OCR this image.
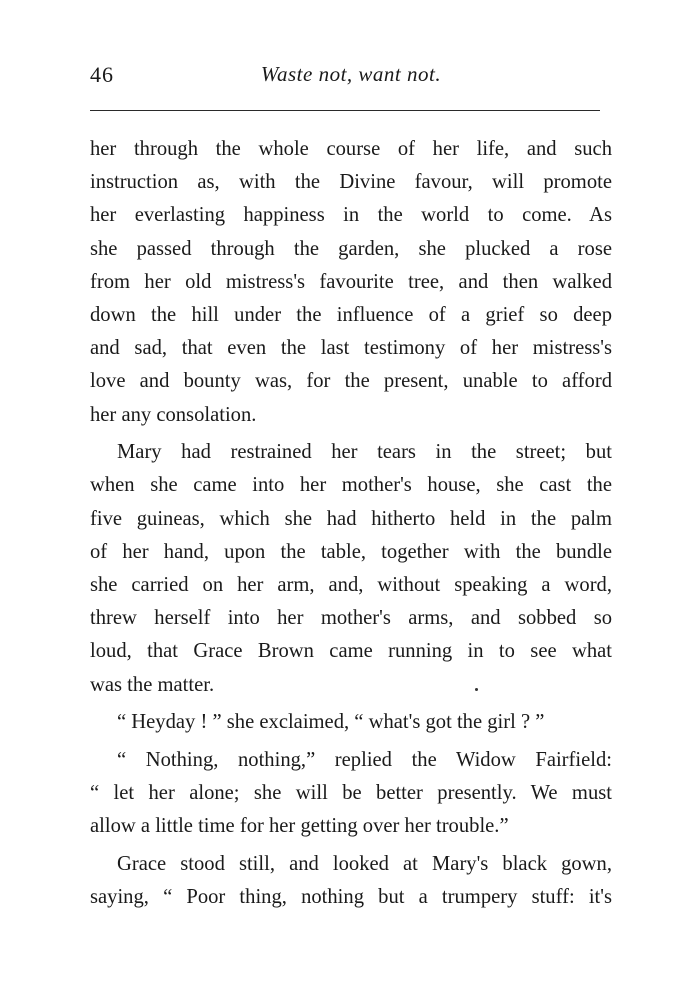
46	Waste not, want not.
her through the whole course of her life, and such
instruction as, with the Divine favour, will promote
her everlasting happiness in the world to come. As
she passed through the garden, she plucked a rose
from her old mistress's favourite tree, and then walked
down the hill under the influence of a grief so deep
and sad, that even the last testimony of her mistress's
love and bounty was, for the present, unable to afford
her any consolation.
Mary had restrained her tears in the street; but
when she came into her mother's house, she cast the
five guineas, which she had hitherto held in the palm
of her hand, upon the table, together with the bundle
she carried on her arm, and, without speaking a word,
threw herself into her mother's arms, and sobbed so
loud, that Grace Brown came running in to see what
was the matter.
“ Heyday ! ” she exclaimed, “ what's got the girl ? ”
“ Nothing, nothing,” replied the Widow Fairfield:
“ let her alone; she will be better presently. We must
allow a little time for her getting over her trouble.”
Grace stood still, and looked at Mary's black gown,
saying, “ Poor thing, nothing but a trumpery stuff: it's
